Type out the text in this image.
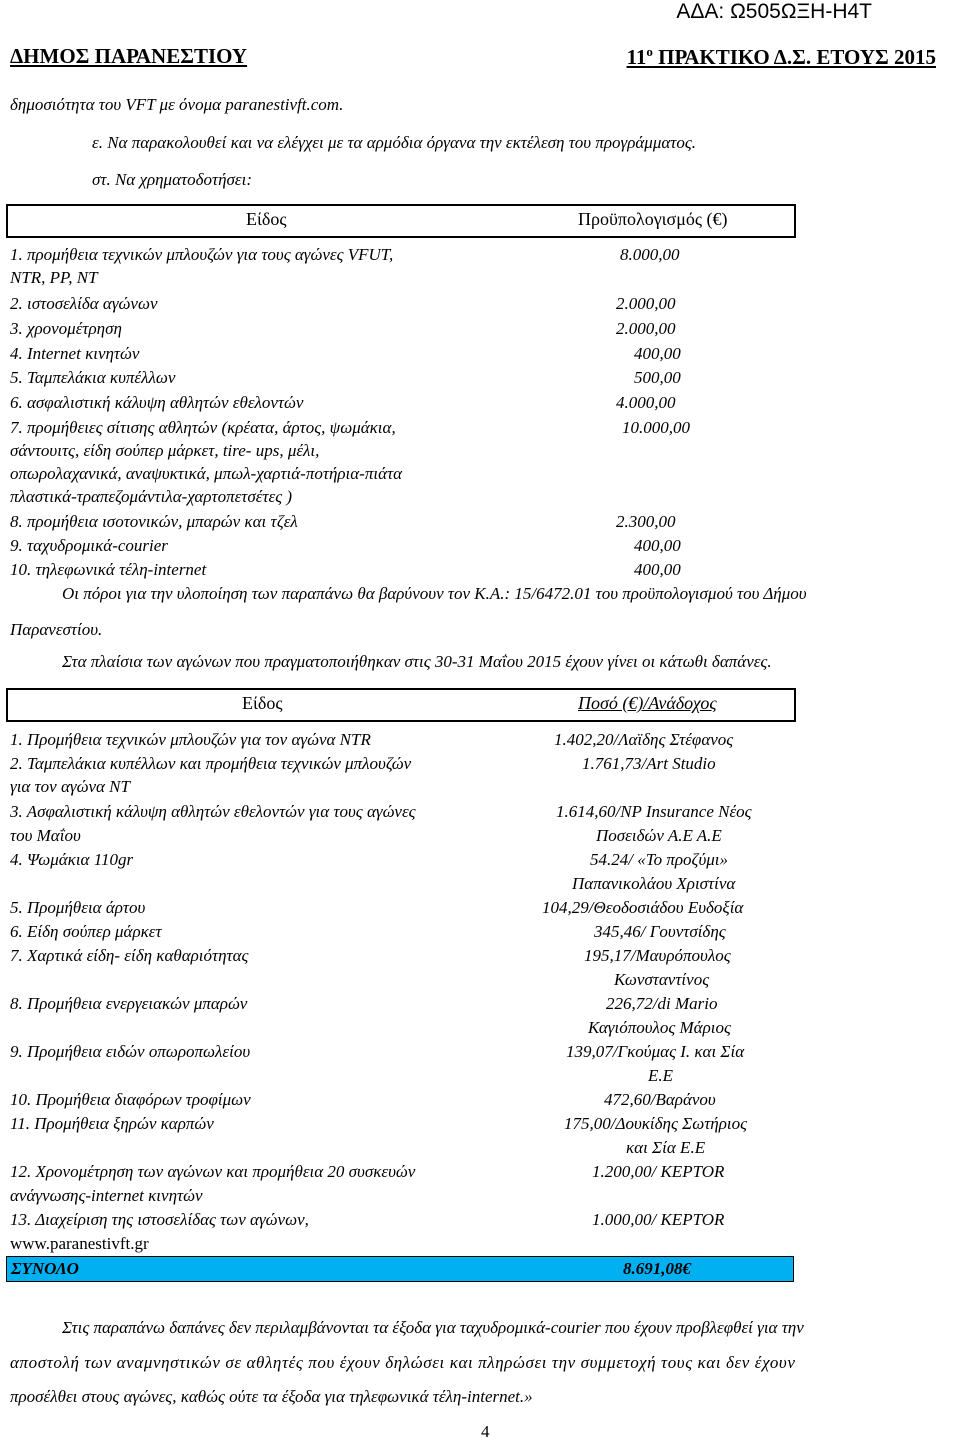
ΑΔΑ: Ω505ΩΞΗ-Η4Τ
ΔΗΜΟΣ ΠΑΡΑΝΕΣΤΙΟΥ	$11^o$ ΠΡΑΚΤΙΚΟ Δ.Σ. ΕΤΟΥΣ 2015
δημοσιότητα του VFT με όνομα paranestivft.com.
ε. Να παρακολουθεί και να ελέγχει με τα αρμόδια όργανα την εκτέλεση του προγράμματος.
στ. Να χρηματοδοτήσει:
Είδος	Προϋπολογισμός (€)
1. προμήθεια τεχνικών μπλουζών για τους αγώνες VFUT,	8.000,00
NTR, PP, NT
2. ιστοσελίδα αγώνων	2.000,00
3. χρονομέτρηση	2.000,00
4. Internet κινητών	400,00
5. Ταμπελάκια κυπέλλων	500,00
6. ασφαλιστική κάλυψη αθλητών εθελοντών	4.000,00
7. προμήθειες σίτισης αθλητών (κρέατα, άρτος, ψωμάκια,	10.000,00
σάντουιτς, είδη σούπερ μάρκετ, tire- ups, μέλι,
οπωρολαχανικά, αναψυκτικά, μπωλ-χαρτιά-ποτήρια-πιάτα
πλαστικά-τραπεζομάντιλα-χαρτοπετσέτες )
8. προμήθεια ισοτονικών, μπαρών και τζελ	2.300,00
9. ταχυδρομικά-courier	400,00
10. τηλεφωνικά τέλη-internet	400,00
Οι πόροι για την υλοποίηση των παραπάνω θα βαρύνουν τον Κ.Α.: 15/6472.01 του προϋπολογισμού του Δήμου
Παρανεστίου.
Στα πλαίσια των αγώνων που πραγματοποιήθηκαν στις 30-31 Μαΐου 2015 έχουν γίνει οι κάτωθι δαπάνες.
Είδος	Ποσό (€)/Ανάδοχος
1. Προμήθεια τεχνικών μπλουζών για τον αγώνα NTR	1.402,20/Λαϊδης Στέφανος
2. Ταμπελάκια κυπέλλων και προμήθεια τεχνικών μπλουζών	1.761,73/Art Studio
για τον αγώνα NT
3. Ασφαλιστική κάλυψη αθλητών εθελοντών για τους αγώνες	1.614,60/NP Insurance Νέος
του Μαΐου	Ποσειδών Α.Ε Α.Ε
4. Ψωμάκια 110gr	54.24/ «Το προζύμι»
Παπανικολάου Χριστίνα
5. Προμήθεια άρτου	104,29/Θεοδοσιάδου Ευδοξία
6. Είδη σούπερ μάρκετ	345,46/ Γουντσίδης
7. Χαρτικά είδη- είδη καθαριότητας	195,17/Μαυρόπουλος
Κωνσταντίνος
8. Προμήθεια ενεργειακών μπαρών	226,72/di Mario
Καγιόπουλος Μάριος
9. Προμήθεια ειδών οπωροπωλείου	139,07/Γκούμας Ι. και Σία
Ε.Ε
10. Προμήθεια διαφόρων τροφίμων	472,60/Βαράνου
11. Προμήθεια ξηρών καρπών	175,00/Δουκίδης Σωτήριος
και Σία Ε.Ε
12. Χρονομέτρηση των αγώνων και προμήθεια 20 συσκευών	1.200,00/ ΚΕΡΤΟR
ανάγνωσης-internet κινητών
13. Διαχείριση της ιστοσελίδας των αγώνων,	1.000,00/ ΚΕΡΤΟR
www.paranestivft.gr
ΣΥΝΟΛΟ	8.691,08€
Στις παραπάνω δαπάνες δεν περιλαμβάνονται τα έξοδα για ταχυδρομικά-courier που έχουν προβλεφθεί για την
αποστολή των αναμνηστικών σε αθλητές που έχουν δηλώσει και πληρώσει την συμμετοχή τους και δεν έχουν
προσέλθει στους αγώνες, καθώς ούτε τα έξοδα για τηλεφωνικά τέλη-internet.»
4
